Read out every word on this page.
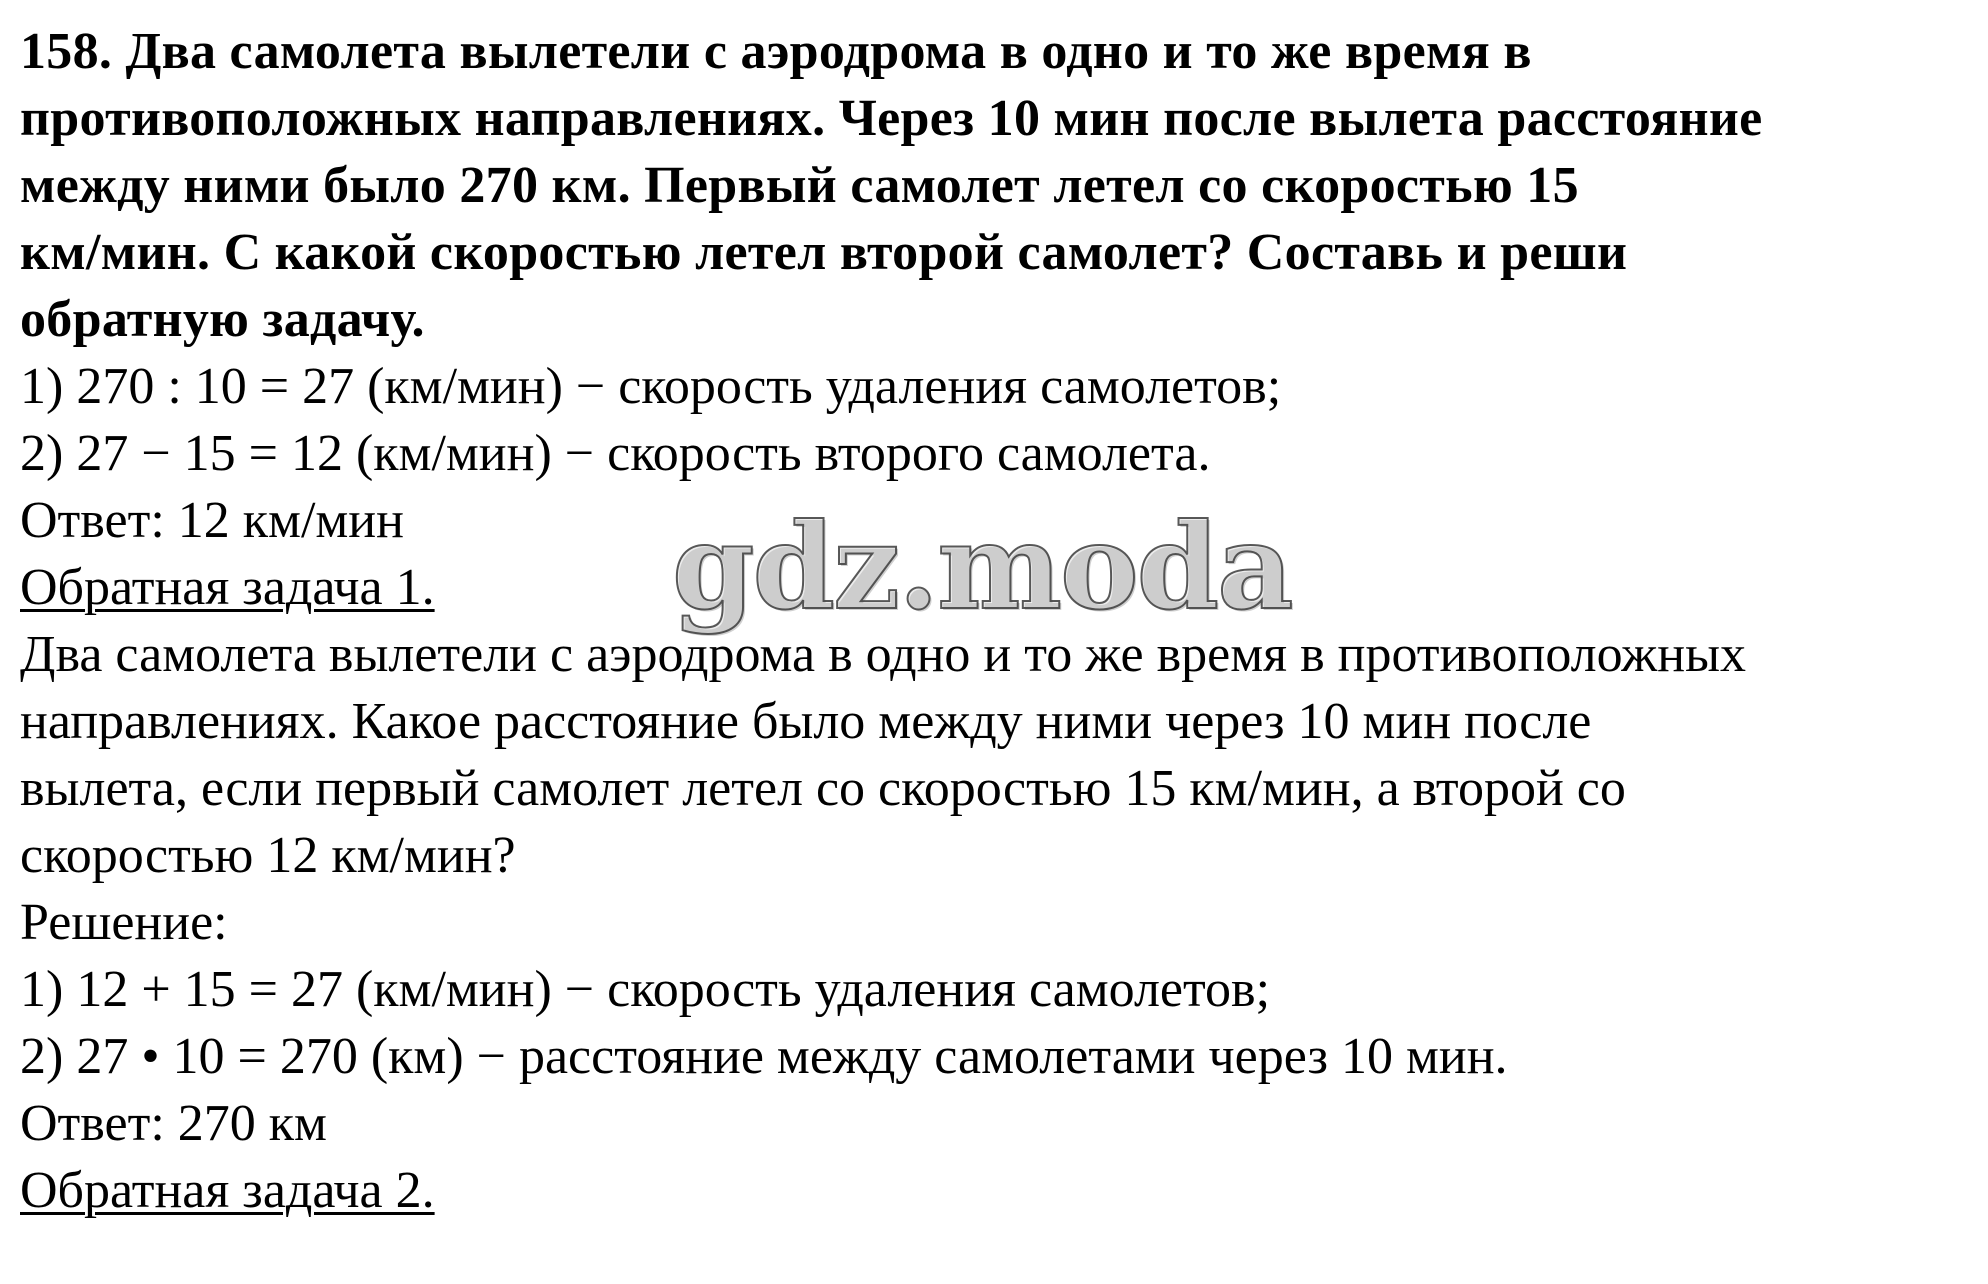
158. Два самолета вылетели с аэродрома в одно и то же время в
противоположных направлениях. Через 10 мин после вылета расстояние
между ними было 270 км. Первый самолет летел со скоростью 15
км/мин. С какой скоростью летел второй самолет? Составь и реши
обратную задачу.
1) 270 : 10 = 27 (км/мин) − скорость удаления самолетов;
2) 27 − 15 = 12 (км/мин) − скорость второго самолета.
Ответ: 12 км/мин
Обратная задача 1.
Два самолета вылетели с аэродрома в одно и то же время в противоположных
направлениях. Какое расстояние было между ними через 10 мин после
вылета, если первый самолет летел со скоростью 15 км/мин, а второй со
скоростью 12 км/мин?
Решение:
1) 12 + 15 = 27 (км/мин) − скорость удаления самолетов;
2) 27 • 10 = 270 (км) − расстояние между самолетами через 10 мин.
Ответ: 270 км
Обратная задача 2.
gdz.moda
